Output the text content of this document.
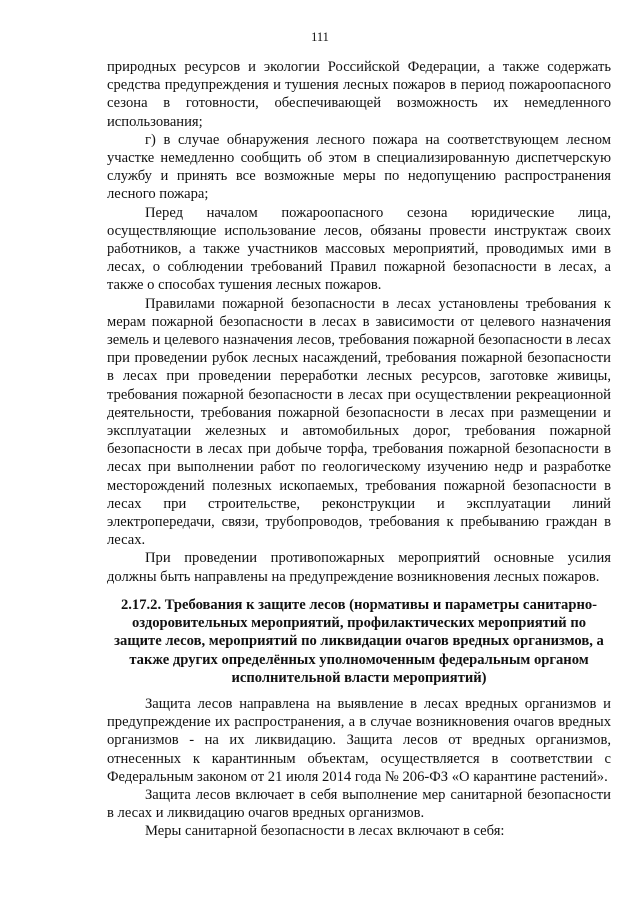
111

природных ресурсов и экологии Российской Федерации, а также содержать средства предупреждения и тушения лесных пожаров в период пожароопасного сезона в готовности, обеспечивающей возможность их немедленного использования;

г) в случае обнаружения лесного пожара на соответствующем лесном участке немедленно сообщить об этом в специализированную диспетчерскую службу и принять все возможные меры по недопущению распространения лесного пожара;

Перед началом пожароопасного сезона юридические лица, осуществляющие использование лесов, обязаны провести инструктаж своих работников, а также участников массовых мероприятий, проводимых ими в лесах, о соблюдении требований Правил пожарной безопасности в лесах, а также о способах тушения лесных пожаров.

Правилами пожарной безопасности в лесах установлены требования к мерам пожарной безопасности в лесах в зависимости от целевого назначения земель и целевого назначения лесов, требования пожарной безопасности в лесах при проведении рубок лесных насаждений, требования пожарной безопасности в лесах при проведении переработки лесных ресурсов, заготовке живицы, требования пожарной безопасности в лесах при осуществлении рекреационной деятельности, требования пожарной безопасности в лесах при размещении и эксплуатации железных и автомобильных дорог, требования пожарной безопасности в лесах при добыче торфа, требования пожарной безопасности в лесах при выполнении работ по геологическому изучению недр и разработке месторождений полезных ископаемых, требования пожарной безопасности в лесах при строительстве, реконструкции и эксплуатации линий электропередачи, связи, трубопроводов, требования к пребыванию граждан в лесах.

При проведении противопожарных мероприятий основные усилия должны быть направлены на предупреждение возникновения лесных пожаров.

2.17.2. Требования к защите лесов (нормативы и параметры санитарно-оздоровительных мероприятий, профилактических мероприятий по защите лесов, мероприятий по ликвидации очагов вредных организмов, а также других определённых уполномоченным федеральным органом исполнительной власти мероприятий)

Защита лесов направлена на выявление в лесах вредных организмов и предупреждение их распространения, а в случае возникновения очагов вредных организмов - на их ликвидацию. Защита лесов от вредных организмов, отнесенных к карантинным объектам, осуществляется в соответствии с Федеральным законом от 21 июля 2014 года № 206-ФЗ «О карантине растений».

Защита лесов включает в себя выполнение мер санитарной безопасности в лесах и ликвидацию очагов вредных организмов.

Меры санитарной безопасности в лесах включают в себя:
